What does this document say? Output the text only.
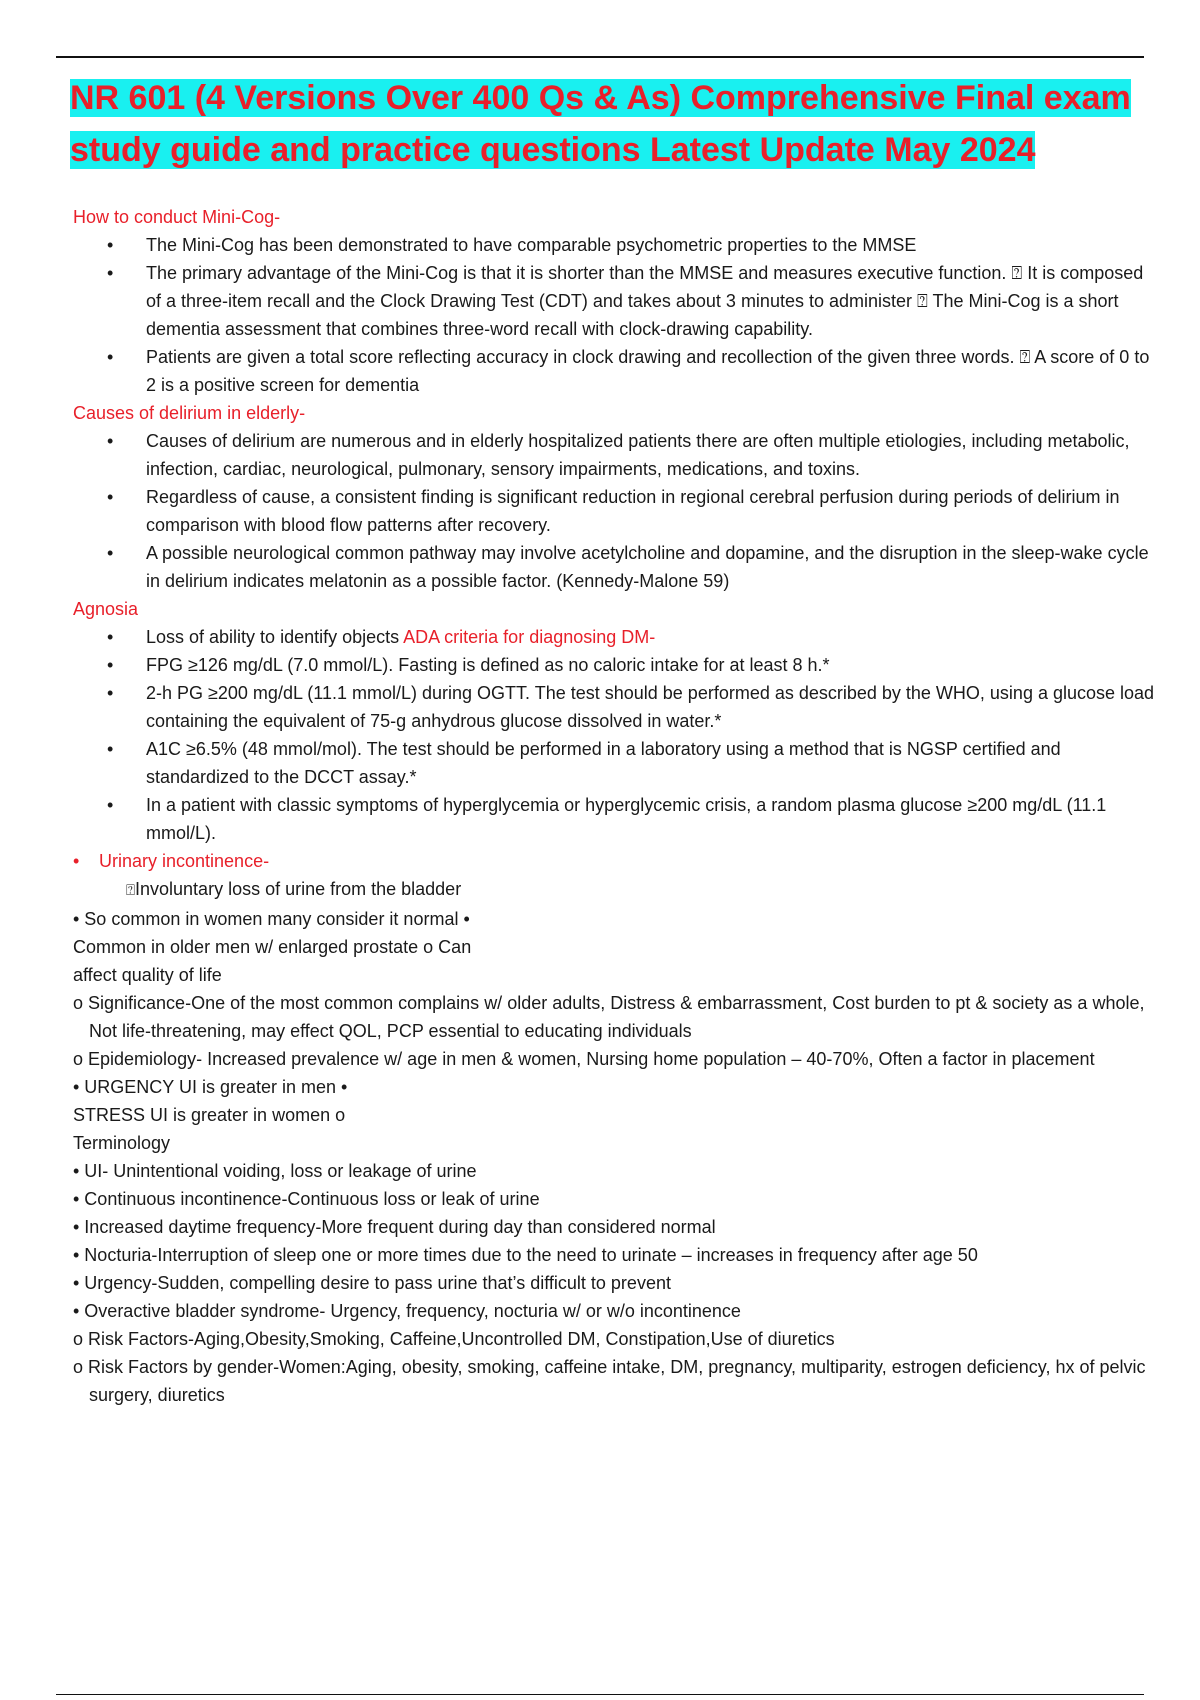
NR 601 (4 Versions Over 400 Qs & As) Comprehensive Final exam
study guide and practice questions Latest Update May 2024

How to conduct Mini-Cog-

• The Mini-Cog has been demonstrated to have comparable psychometric properties to the MMSE
• The primary advantage of the Mini-Cog is that it is shorter than the MMSE and measures executive function. ⍰ It is composed of a three-item recall and the Clock Drawing Test (CDT) and takes about 3 minutes to administer ⍰ The Mini-Cog is a short dementia assessment that combines three-word recall with clock-drawing capability.
• Patients are given a total score reflecting accuracy in clock drawing and recollection of the given three words. ⍰ A score of 0 to 2 is a positive screen for dementia

Causes of delirium in elderly-

• Causes of delirium are numerous and in elderly hospitalized patients there are often multiple etiologies, including metabolic, infection, cardiac, neurological, pulmonary, sensory impairments, medications, and toxins.
• Regardless of cause, a consistent finding is significant reduction in regional cerebral perfusion during periods of delirium in comparison with blood flow patterns after recovery.
• A possible neurological common pathway may involve acetylcholine and dopamine, and the disruption in the sleep-wake cycle in delirium indicates melatonin as a possible factor. (Kennedy-Malone 59)

Agnosia

• Loss of ability to identify objects ADA criteria for diagnosing DM-
• FPG ≥126 mg/dL (7.0 mmol/L). Fasting is defined as no caloric intake for at least 8 h.*
• 2-h PG ≥200 mg/dL (11.1 mmol/L) during OGTT. The test should be performed as described by the WHO, using a glucose load containing the equivalent of 75-g anhydrous glucose dissolved in water.*
• A1C ≥6.5% (48 mmol/mol). The test should be performed in a laboratory using a method that is NGSP certified and standardized to the DCCT assay.*
• In a patient with classic symptoms of hyperglycemia or hyperglycemic crisis, a random plasma glucose ≥200 mg/dL (11.1 mmol/L).

• Urinary incontinence-

⍰Involuntary loss of urine from the bladder

• So common in women many consider it normal • Common in older men w/ enlarged prostate o Can affect quality of life

o Significance-One of the most common complains w/ older adults, Distress & embarrassment, Cost burden to pt & society as a whole, Not life-threatening, may effect QOL, PCP essential to educating individuals

o Epidemiology- Increased prevalence w/ age in men & women, Nursing home population – 40-70%, Often a factor in placement

• URGENCY UI is greater in men • STRESS UI is greater in women o Terminology

• UI- Unintentional voiding, loss or leakage of urine

• Continuous incontinence-Continuous loss or leak of urine

• Increased daytime frequency-More frequent during day than considered normal

• Nocturia-Interruption of sleep one or more times due to the need to urinate – increases in frequency after age 50

• Urgency-Sudden, compelling desire to pass urine that’s difficult to prevent

• Overactive bladder syndrome- Urgency, frequency, nocturia w/ or w/o incontinence

o Risk Factors-Aging,Obesity,Smoking, Caffeine,Uncontrolled DM, Constipation,Use of diuretics

o Risk Factors by gender-Women:Aging, obesity, smoking, caffeine intake, DM, pregnancy, multiparity, estrogen deficiency, hx of pelvic surgery, diuretics
